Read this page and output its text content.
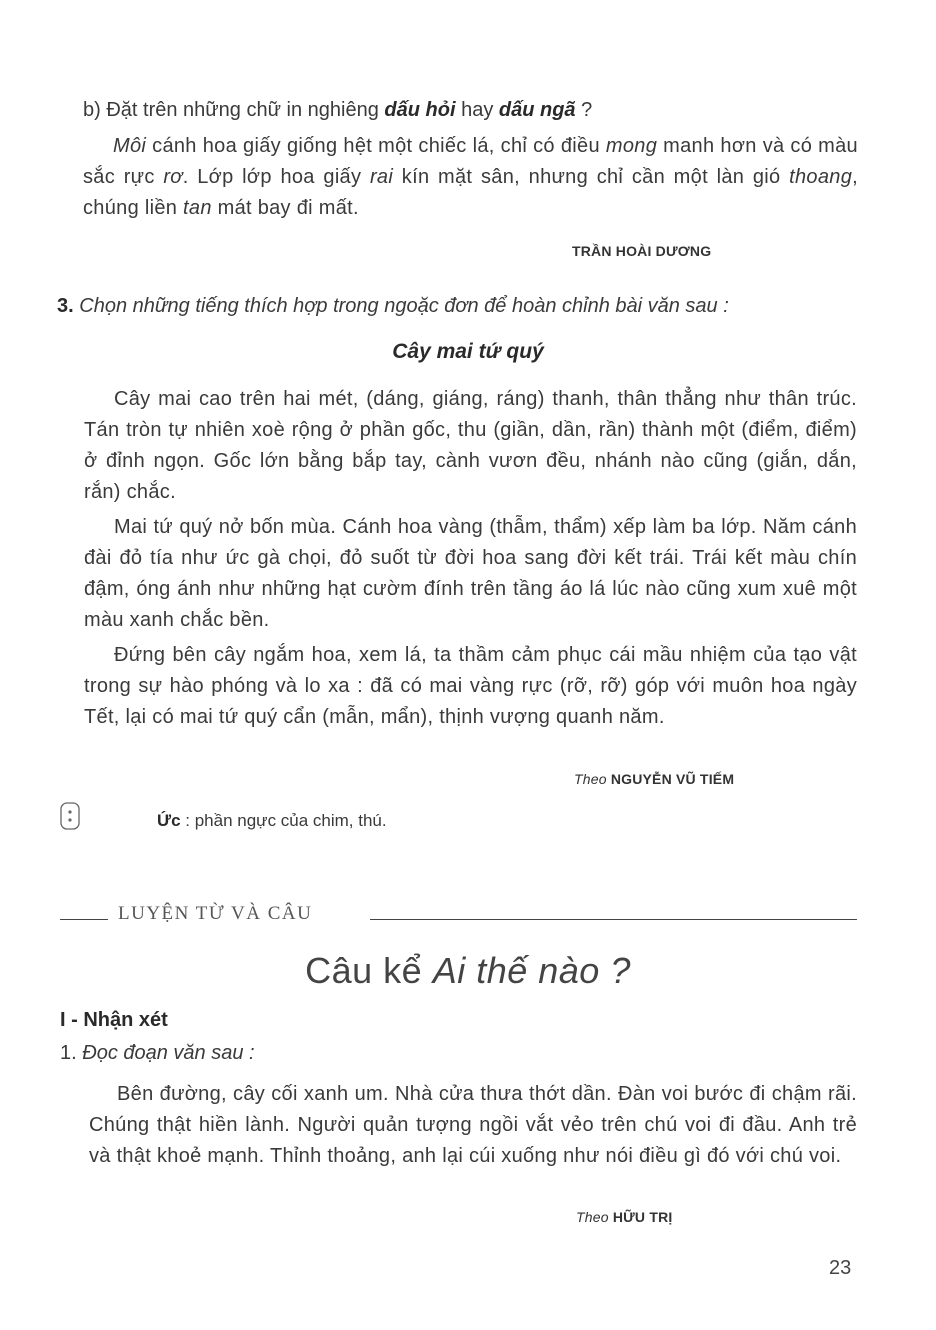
b) Đặt trên những chữ in nghiêng dấu hỏi hay dấu ngã ?
Môi cánh hoa giấy giống hệt một chiếc lá, chỉ có điều mong manh hơn và có màu sắc rực rơ. Lớp lớp hoa giấy rai kín mặt sân, nhưng chỉ cần một làn gió thoang, chúng liền tan mát bay đi mất.
TRẦN HOÀI DƯƠNG
3. Chọn những tiếng thích hợp trong ngoặc đơn để hoàn chỉnh bài văn sau :
Cây mai tứ quý

Cây mai cao trên hai mét, (dáng, giáng, ráng) thanh, thân thẳng như thân trúc. Tán tròn tự nhiên xoè rộng ở phần gốc, thu (giần, dần, rần) thành một (điểm, điểm) ở đỉnh ngọn. Gốc lớn bằng bắp tay, cành vươn đều, nhánh nào cũng (giắn, dắn, rắn) chắc.

Mai tứ quý nở bốn mùa. Cánh hoa vàng (thẫm, thẩm) xếp làm ba lớp. Năm cánh đài đỏ tía như ức gà chọi, đỏ suốt từ đời hoa sang đời kết trái. Trái kết màu chín đậm, óng ánh như những hạt cườm đính trên tầng áo lá lúc nào cũng xum xuê một màu xanh chắc bền.

Đứng bên cây ngắm hoa, xem lá, ta thầm cảm phục cái mầu nhiệm của tạo vật trong sự hào phóng và lo xa : đã có mai vàng rực (rỡ, rỡ) góp với muôn hoa ngày Tết, lại có mai tứ quý cẩn (mẫn, mẩn), thịnh vượng quanh năm.

Theo NGUYỄN VŨ TIẾM
Ức : phần ngực của chim, thú.
LUYỆN TỪ VÀ CÂU
Câu kể Ai thế nào ?
I - Nhận xét
1. Đọc đoạn văn sau :

Bên đường, cây cối xanh um. Nhà cửa thưa thớt dần. Đàn voi bước đi chậm rãi. Chúng thật hiền lành. Người quản tượng ngồi vắt vẻo trên chú voi đi đầu. Anh trẻ và thật khoẻ mạnh. Thỉnh thoảng, anh lại cúi xuống như nói điều gì đó với chú voi.

Theo HỮU TRỊ
23
